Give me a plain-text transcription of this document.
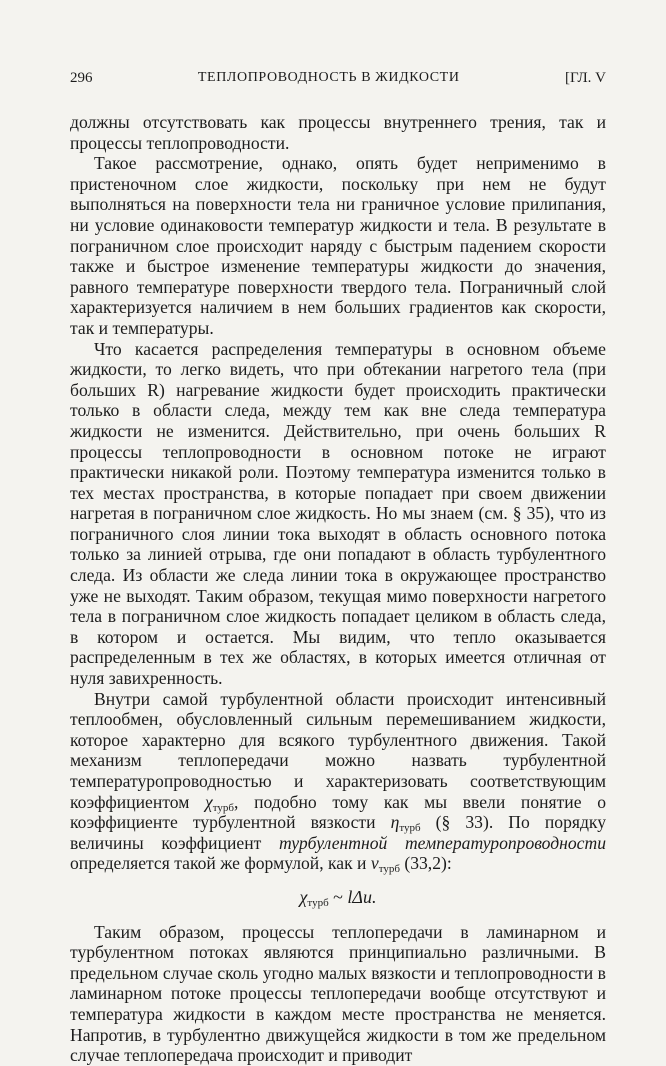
296	ТЕПЛОПРОВОДНОСТЬ В ЖИДКОСТИ	[ГЛ. V

должны отсутствовать как процессы внутреннего трения, так и процессы теплопроводности.

Такое рассмотрение, однако, опять будет неприменимо в пристеночном слое жидкости, поскольку при нем не будут выполняться на поверхности тела ни граничное условие прилипания, ни условие одинаковости температур жидкости и тела. В результате в пограничном слое происходит наряду с быстрым падением скорости также и быстрое изменение температуры жидкости до значения, равного температуре поверхности твердого тела. Пограничный слой характеризуется наличием в нем больших градиентов как скорости, так и температуры.

Что касается распределения температуры в основном объеме жидкости, то легко видеть, что при обтекании нагретого тела (при больших R) нагревание жидкости будет происходить практически только в области следа, между тем как вне следа температура жидкости не изменится. Действительно, при очень больших R процессы теплопроводности в основном потоке не играют практически никакой роли. Поэтому температура изменится только в тех местах пространства, в которые попадает при своем движении нагретая в пограничном слое жидкость. Но мы знаем (см. § 35), что из пограничного слоя линии тока выходят в область основного потока только за линией отрыва, где они попадают в область турбулентного следа. Из области же следа линии тока в окружающее пространство уже не выходят. Таким образом, текущая мимо поверхности нагретого тела в пограничном слое жидкость попадает целиком в область следа, в котором и остается. Мы видим, что тепло оказывается распределенным в тех же областях, в которых имеется отличная от нуля завихренность.

Внутри самой турбулентной области происходит интенсивный теплообмен, обусловленный сильным перемешиванием жидкости, которое характерно для всякого турбулентного движения. Такой механизм теплопередачи можно назвать турбулентной температуропроводностью и характеризовать соответствующим коэффициентом $\chi_{турб}$, подобно тому как мы ввели понятие о коэффициенте турбулентной вязкости $\eta_{турб}$ (§ 33). По порядку величины коэффициент турбулентной температуропроводности определяется такой же формулой, как и $\nu_{турб}$ (33,2):

$\chi_{турб}$ ~ lΔu.

Таким образом, процессы теплопередачи в ламинарном и турбулентном потоках являются принципиально различными. В предельном случае сколь угодно малых вязкости и теплопроводности в ламинарном потоке процессы теплопередачи вообще отсутствуют и температура жидкости в каждом месте пространства не меняется. Напротив, в турбулентно движущейся жидкости в том же предельном случае теплопередача происходит и приводит
